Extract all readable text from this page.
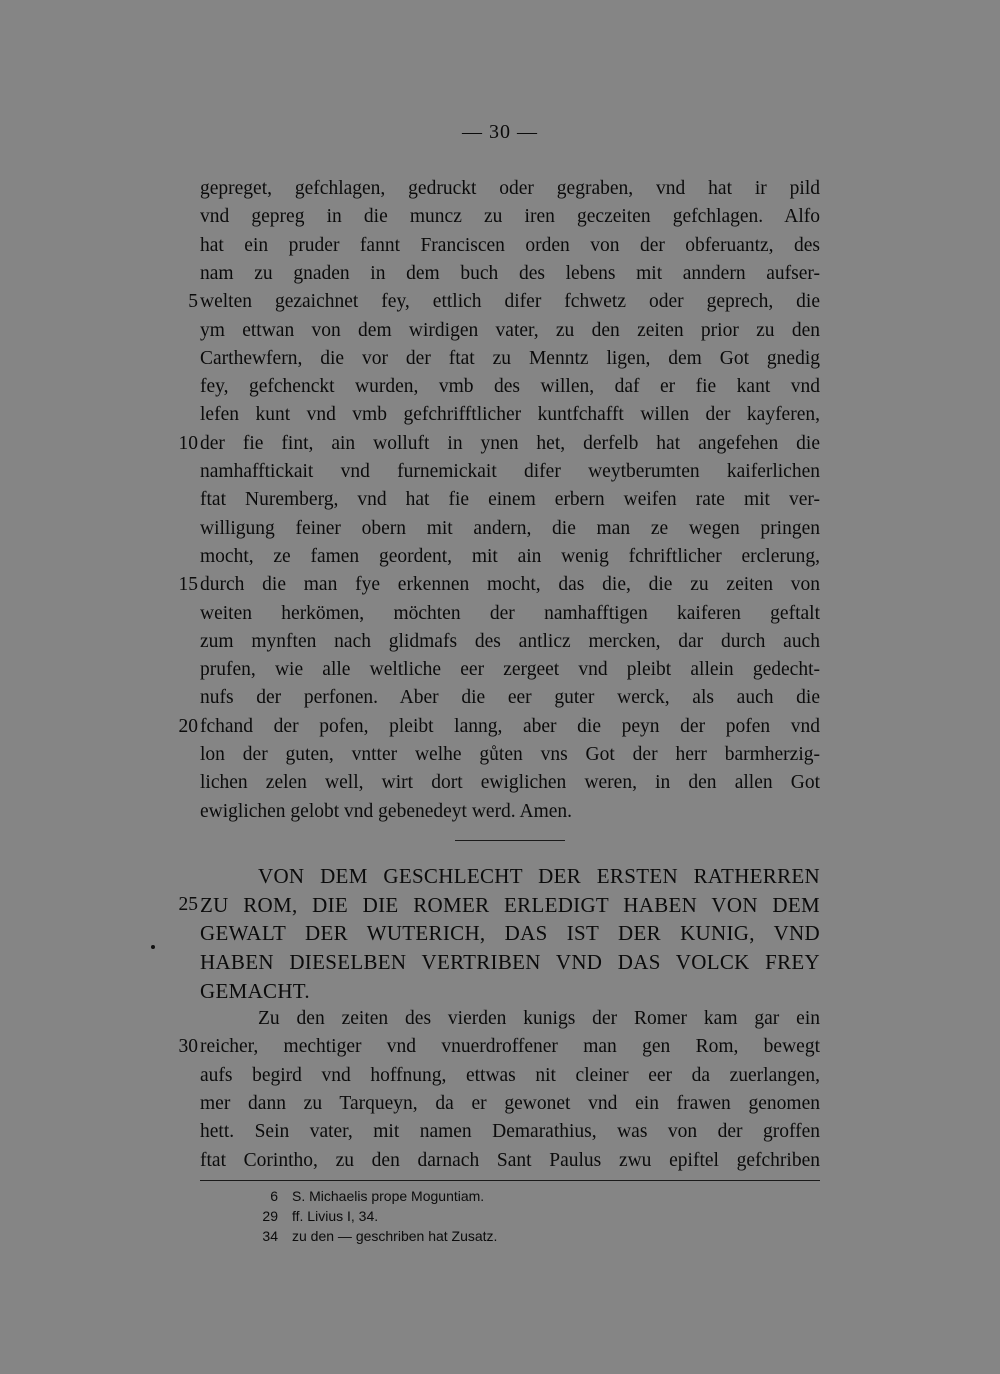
— 30 —
gepreget, gefchlagen, gedruckt oder gegraben, vnd hat ir pild
vnd gepreg in die muncz zu iren geczeiten gefchlagen. Alfo
hat ein pruder fannt Franciscen orden von der obferuantz, des
nam zu gnaden in dem buch des lebens mit anndern aufser-
welten gezaichnet fey, ettlich difer fchwetz oder geprech, die
5
ym ettwan von dem wirdigen vater, zu den zeiten prior zu den
Carthewfern, die vor der ftat zu Menntz ligen, dem Got gnedig
fey, gefchenckt wurden, vmb des willen, daf er fie kant vnd
lefen kunt vnd vmb gefchrifftlicher kuntfchafft willen der kayferen,
der fie fint, ain wolluft in ynen het, derfelb hat angefehen die
10
namhafftickait vnd furnemickait difer weytberumten kaiferlichen
ftat Nuremberg, vnd hat fie einem erbern weifen rate mit ver-
willigung feiner obern mit andern, die man ze wegen pringen
mocht, ze famen geordent, mit ain wenig fchriftlicher erclerung,
durch die man fye erkennen mocht, das die, die zu zeiten von
15
weiten herkömen, möchten der namhafftigen kaiferen geftalt
zum mynften nach glidmafs des antlicz mercken, dar durch auch
prufen, wie alle weltliche eer zergeet vnd pleibt allein gedecht-
nufs der perfonen. Aber die eer guter werck, als auch die
fchand der pofen, pleibt lanng, aber die peyn der pofen vnd
20
lon der guten, vntter welhe gůten vns Got der herr barmherzig-
lichen zelen well, wirt dort ewiglichen weren, in den allen Got
ewiglichen gelobt vnd gebenedeyt werd. Amen.
VON DEM GESCHLECHT DER ERSTEN RATHERREN
ZU ROM, DIE DIE ROMER ERLEDIGT HABEN VON DEM
GEWALT DER WUTERICH, DAS IST DER KUNIG, VND
HABEN DIESELBEN VERTRIBEN VND DAS VOLCK FREY
GEMACHT.
25
Zu den zeiten des vierden kunigs der Romer kam gar ein
reicher, mechtiger vnd vnuerdroffener man gen Rom, bewegt
aufs begird vnd hoffnung, ettwas nit cleiner eer da zuerlangen,
mer dann zu Tarqueyn, da er gewonet vnd ein frawen genomen
hett. Sein vater, mit namen Demarathius, was von der groffen
ftat Corintho, zu den darnach Sant Paulus zwu epiftel gefchriben
30
6 S. Michaelis prope Moguntiam.
29 ff. Livius I, 34.
34 zu den — geschriben hat Zusatz.
